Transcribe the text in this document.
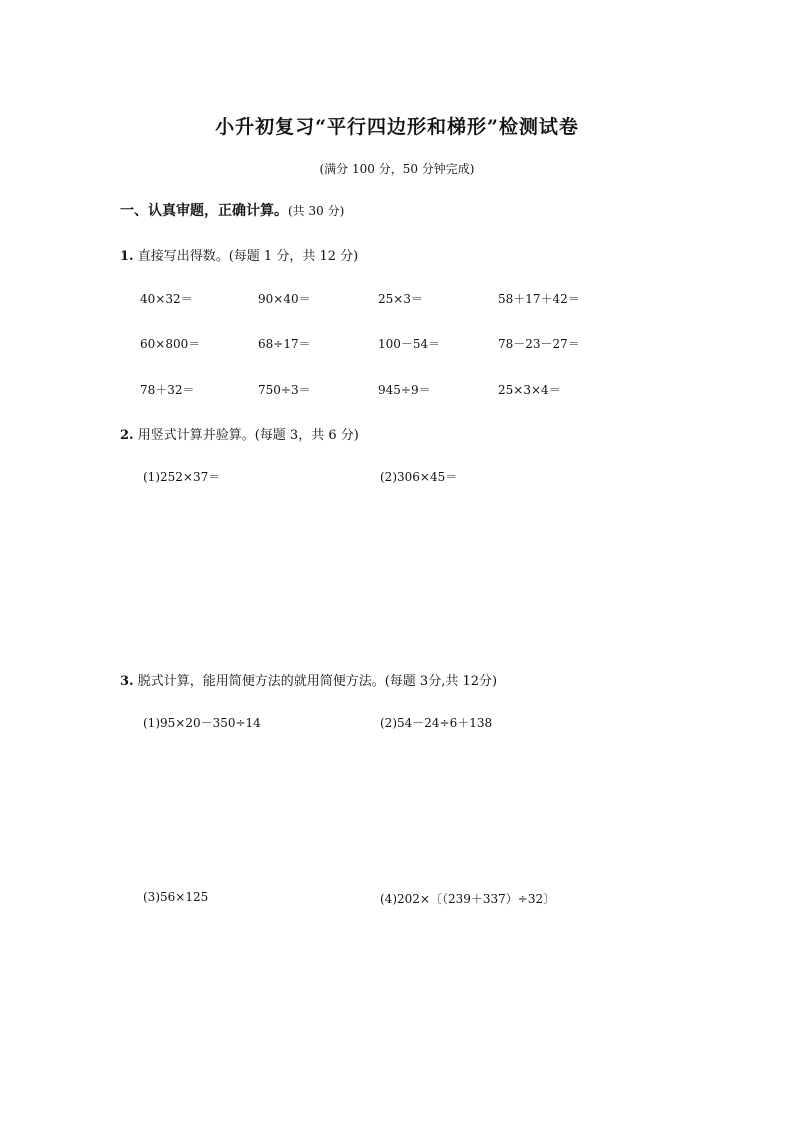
小升初复习“平行四边形和梯形”检测试卷
(满分 100 分，50 分钟完成)
一、认真审题，正确计算。(共 30 分)
1. 直接写出得数。(每题 1 分，共 12 分)
40×32＝	90×40＝	25×3＝	58＋17＋42＝
60×800＝	68÷17＝	100－54＝	78－23－27＝
78＋32＝	750÷3＝	945÷9＝	25×3×4＝
2. 用竖式计算并验算。(每题 3，共 6 分)
(1)252×37＝	(2)306×45＝
3. 脱式计算，能用简便方法的就用简便方法。(每题 3分,共 12分)
(1)95×20－350÷14	(2)54－24÷6＋138
(3)56×125	(4)202×〔（239＋337）÷32〕
